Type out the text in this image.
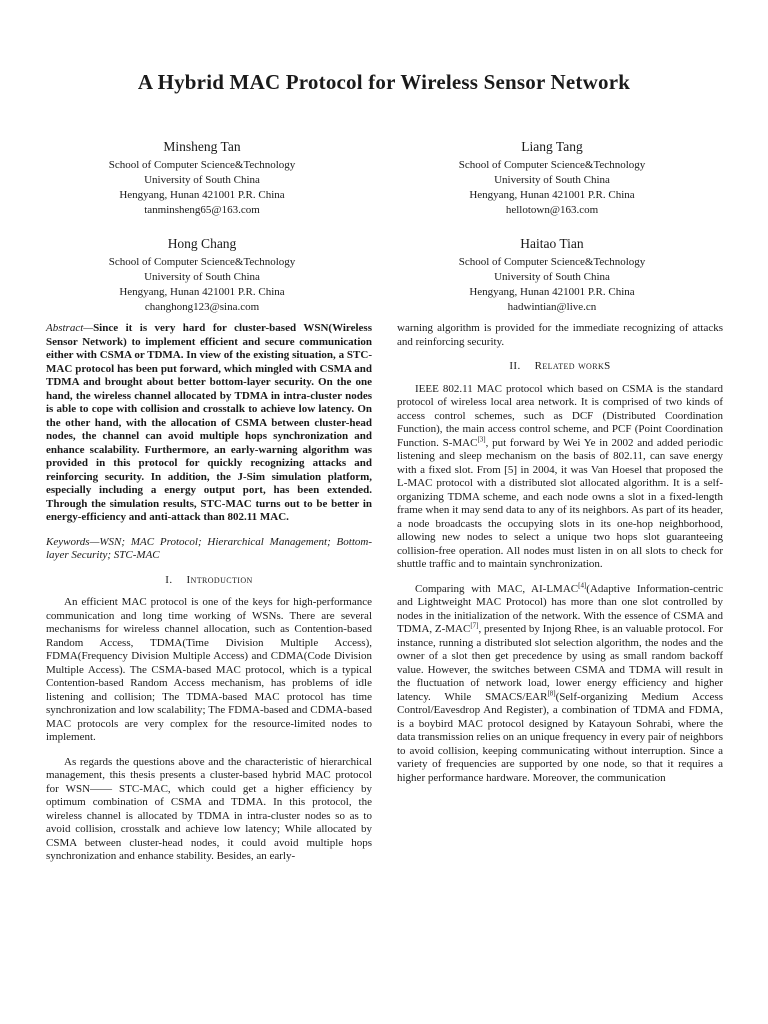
A Hybrid MAC Protocol for Wireless Sensor Network
Minsheng Tan
School of Computer Science&Technology
University of South China
Hengyang, Hunan 421001 P.R. China
tanminsheng65@163.com
Liang Tang
School of Computer Science&Technology
University of South China
Hengyang, Hunan 421001 P.R. China
hellotown@163.com
Hong Chang
School of Computer Science&Technology
University of South China
Hengyang, Hunan 421001 P.R. China
changhong123@sina.com
Haitao Tian
School of Computer Science&Technology
University of South China
Hengyang, Hunan 421001 P.R. China
hadwintian@live.cn

Abstract—Since it is very hard for cluster-based WSN(Wireless Sensor Network) to implement efficient and secure communication either with CSMA or TDMA. In view of the existing situation, a STC-MAC protocol has been put forward, which mingled with CSMA and TDMA and brought about better bottom-layer security. On the one hand, the wireless channel allocated by TDMA in intra-cluster nodes is able to cope with collision and crosstalk to achieve low latency. On the other hand, with the allocation of CSMA between cluster-head nodes, the channel can avoid multiple hops synchronization and enhance scalability. Furthermore, an early-warning algorithm was provided in this protocol for quickly recognizing attacks and reinforcing security. In addition, the J-Sim simulation platform, especially including a energy output port, has been extended. Through the simulation results, STC-MAC turns out to be better in energy-efficiency and anti-attack than 802.11 MAC.

Keywords—WSN; MAC Protocol; Hierarchical Management; Bottom-layer Security; STC-MAC

I. Introduction

An efficient MAC protocol is one of the keys for high-performance communication and long time working of WSNs. There are several mechanisms for wireless channel allocation, such as Contention-based Random Access, TDMA(Time Division Multiple Access), FDMA(Frequency Division Multiple Access) and CDMA(Code Division Multiple Access). The CSMA-based MAC protocol, which is a typical Contention-based Random Access mechanism, has problems of idle listening and collision; The TDMA-based MAC protocol has time synchronization and low scalability; The FDMA-based and CDMA-based MAC protocols are very complex for the resource-limited nodes to implement.

As regards the questions above and the characteristic of hierarchical management, this thesis presents a cluster-based hybrid MAC protocol for WSN—— STC-MAC, which could get a higher efficiency by optimum combination of CSMA and TDMA. In this protocol, the wireless channel is allocated by TDMA in intra-cluster nodes so as to avoid collision, crosstalk and achieve low latency; While allocated by CSMA between cluster-head nodes, it could avoid multiple hops synchronization and enhance stability. Besides, an early-

warning algorithm is provided for the immediate recognizing of attacks and reinforcing security.

II. Related workS

IEEE 802.11 MAC protocol which based on CSMA is the standard protocol of wireless local area network. It is comprised of two kinds of access control schemes, such as DCF (Distributed Coordination Function), the main access control scheme, and PCF (Point Coordination Function. S-MAC[3], put forward by Wei Ye in 2002 and added periodic listening and sleep mechanism on the basis of 802.11, can save energy with a fixed slot. From [5] in 2004, it was Van Hoesel that proposed the L-MAC protocol with a distributed slot allocated algorithm. It is a self-organizing TDMA scheme, and each node owns a slot in a fixed-length frame when it may send data to any of its neighbors. As part of its header, a node broadcasts the occupying slots in its one-hop neighborhood, allowing new nodes to select a unique two hops slot guaranteeing collision-free operation. All nodes must listen in on all slots to check for shuttle traffic and to maintain synchronization.

Comparing with MAC, AI-LMAC[4](Adaptive Information-centric and Lightweight MAC Protocol) has more than one slot controlled by nodes in the initialization of the network. With the essence of CSMA and TDMA, Z-MAC[7], presented by Injong Rhee, is an valuable protocol. For instance, running a distributed slot selection algorithm, the nodes and the owner of a slot then get precedence by using as small random backoff value. However, the switches between CSMA and TDMA will result in the fluctuation of network load, lower energy efficiency and higher latency. While SMACS/EAR[8](Self-organizing Medium Access Control/Eavesdrop And Register), a combination of TDMA and FDMA, is a boybird MAC protocol designed by Katayoun Sohrabi, where the data transmission relies on an unique frequency in every pair of neighbors to avoid collision, keeping communicating without interruption. Since a variety of frequencies are supported by one node, so that it requires a higher performance hardware. Moreover, the communication
